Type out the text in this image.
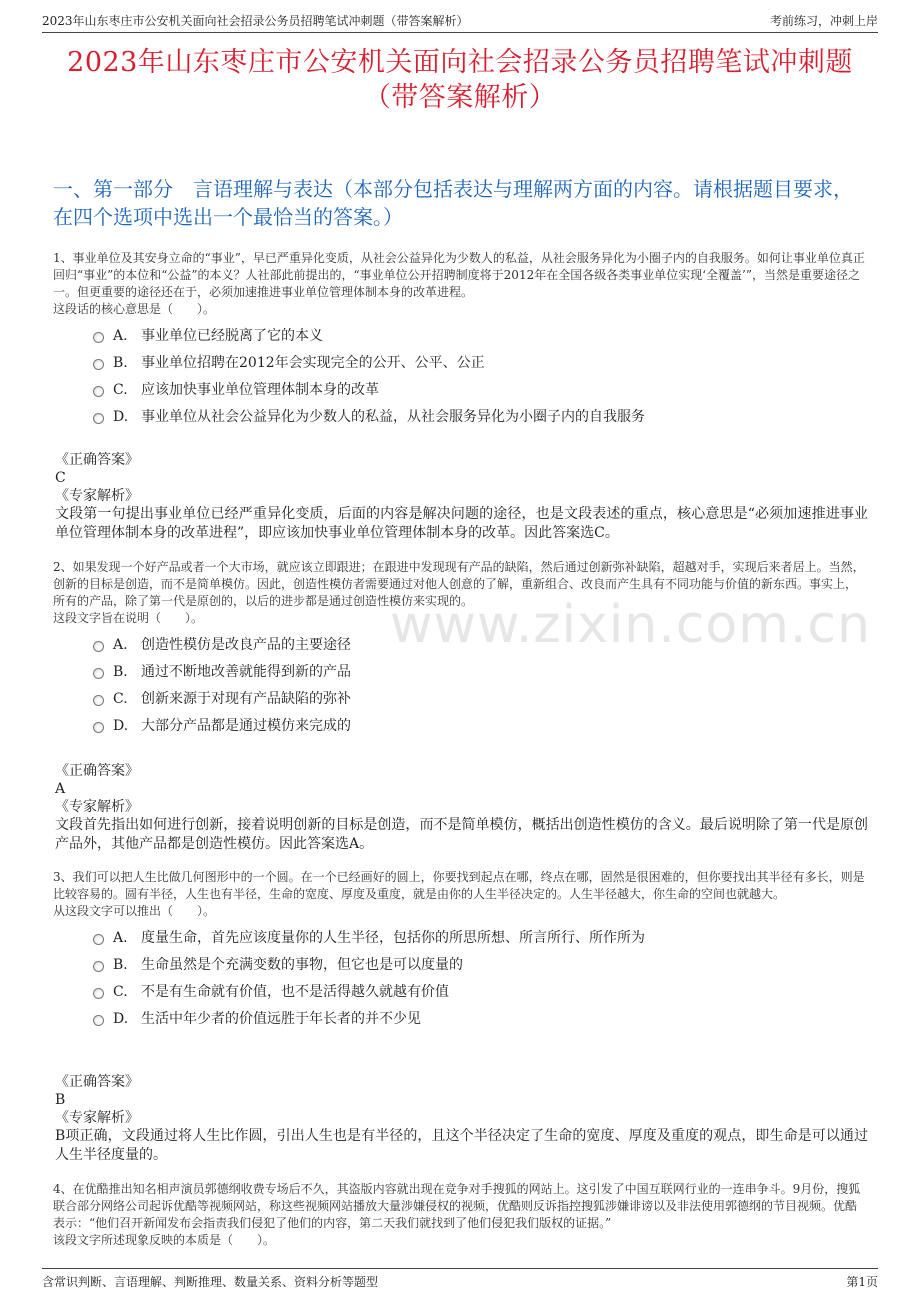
2023年山东枣庄市公安机关面向社会招录公务员招聘笔试冲刺题（带答案解析）	考前练习，冲刺上岸
2023年山东枣庄市公安机关面向社会招录公务员招聘笔试冲刺题（带答案解析）
一、第一部分　言语理解与表达（本部分包括表达与理解两方面的内容。请根据题目要求，在四个选项中选出一个最恰当的答案。）
www.zixin.com.cn

1、事业单位及其安身立命的“事业”，早已严重异化变质，从社会公益异化为少数人的私益，从社会服务异化为小圈子内的自我服务。如何让事业单位真正回归“事业”的本位和“公益”的本义？人社部此前提出的，“事业单位公开招聘制度将于2012年在全国各级各类事业单位实现‘全覆盖’”，当然是重要途径之一。但更重要的途径还在于，必须加速推进事业单位管理体制本身的改革进程。

这段话的核心意思是（　　）。

A. 事业单位已经脱离了它的本义
B. 事业单位招聘在2012年会实现完全的公开、公平、公正
C. 应该加快事业单位管理体制本身的改革
D. 事业单位从社会公益异化为少数人的私益，从社会服务异化为小圈子内的自我服务

《正确答案》

C

《专家解析》

文段第一句提出事业单位已经严重异化变质，后面的内容是解决问题的途径，也是文段表述的重点，核心意思是“必须加速推进事业单位管理体制本身的改革进程”，即应该加快事业单位管理体制本身的改革。因此答案选C。

2、如果发现一个好产品或者一个大市场，就应该立即跟进；在跟进中发现现有产品的缺陷，然后通过创新弥补缺陷，超越对手，实现后来者居上。当然，创新的目标是创造，而不是简单模仿。因此，创造性模仿者需要通过对他人创意的了解，重新组合、改良而产生具有不同功能与价值的新东西。事实上，所有的产品，除了第一代是原创的，以后的进步都是通过创造性模仿来实现的。

这段文字旨在说明（　　）。

A. 创造性模仿是改良产品的主要途径
B. 通过不断地改善就能得到新的产品
C. 创新来源于对现有产品缺陷的弥补
D. 大部分产品都是通过模仿来完成的

《正确答案》

A

《专家解析》

文段首先指出如何进行创新，接着说明创新的目标是创造，而不是简单模仿，概括出创造性模仿的含义。最后说明除了第一代是原创产品外，其他产品都是创造性模仿。因此答案选A。

3、我们可以把人生比做几何图形中的一个圆。在一个已经画好的圆上，你要找到起点在哪，终点在哪，固然是很困难的，但你要找出其半径有多长，则是比较容易的。圆有半径，人生也有半径，生命的宽度、厚度及重度，就是由你的人生半径决定的。人生半径越大，你生命的空间也就越大。

从这段文字可以推出（　　）。

A. 度量生命，首先应该度量你的人生半径，包括你的所思所想、所言所行、所作所为
B. 生命虽然是个充满变数的事物，但它也是可以度量的
C. 不是有生命就有价值，也不是活得越久就越有价值
D. 生活中年少者的价值远胜于年长者的并不少见

《正确答案》

B

《专家解析》

B项正确，文段通过将人生比作圆，引出人生也是有半径的，且这个半径决定了生命的宽度、厚度及重度的观点，即生命是可以通过人生半径度量的。

4、在优酷推出知名相声演员郭德纲收费专场后不久，其盗版内容就出现在竞争对手搜狐的网站上。这引发了中国互联网行业的一连串争斗。9月份，搜狐联合部分网络公司起诉优酷等视频网站，称这些视频网站播放大量涉嫌侵权的视频，优酷则反诉指控搜狐涉嫌诽谤以及非法使用郭德纲的节目视频。优酷表示：“他们召开新闻发布会指责我们侵犯了他们的内容，第二天我们就找到了他们侵犯我们版权的证据。”

该段文字所述现象反映的本质是（　　）。

含常识判断、言语理解、判断推理、数量关系、资料分析等题型	第1页
